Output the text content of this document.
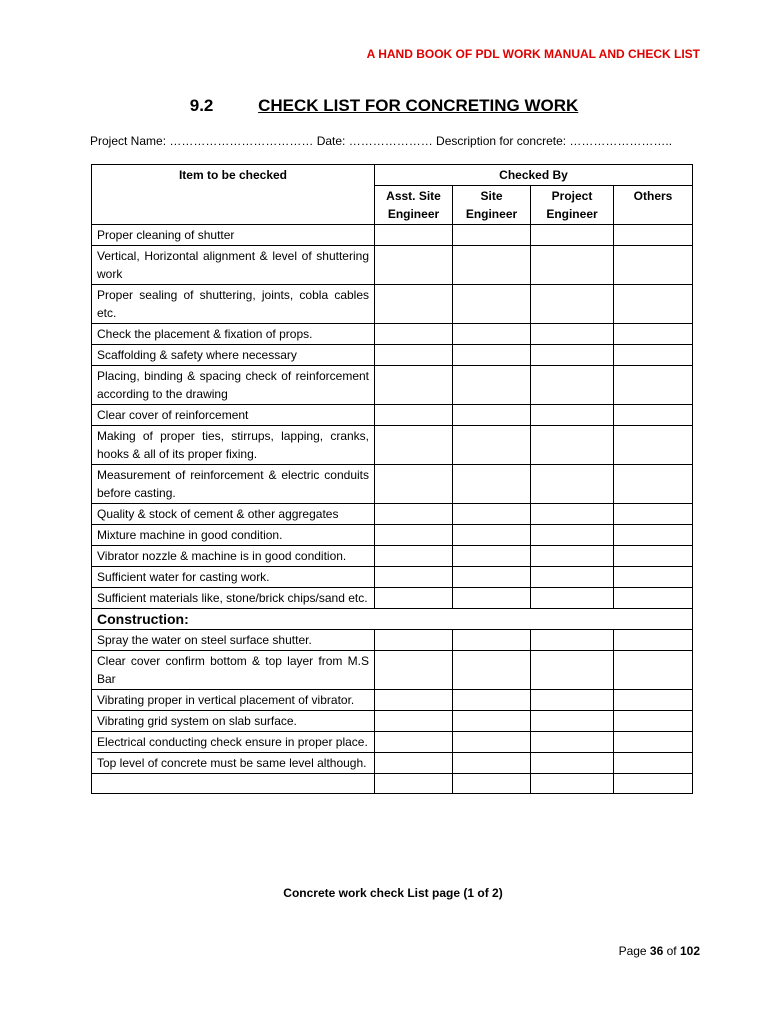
A HAND BOOK OF PDL WORK MANUAL AND CHECK LIST
9.2	CHECK LIST FOR CONCRETING WORK
Project Name: ……………………………… Date: ………………… Description for concrete: ……………………..
Item to be checked	Checked By			
	Asst. Site Engineer	Site Engineer	Project Engineer	Others
Proper cleaning of shutter				
Vertical, Horizontal alignment & level of shuttering work				
Proper sealing of shuttering, joints, cobla cables etc.				
Check the placement & fixation of props.				
Scaffolding & safety where necessary				
Placing, binding & spacing check of reinforcement according to the drawing				
Clear cover of reinforcement				
Making of proper ties, stirrups, lapping, cranks, hooks & all of its proper fixing.				
Measurement of reinforcement & electric conduits before casting.				
Quality & stock of cement & other aggregates				
Mixture machine in good condition.				
Vibrator nozzle & machine is in good condition.				
Sufficient water for casting work.				
Sufficient materials like, stone/brick chips/sand etc.				
Construction:				
Spray the water on steel surface shutter.				
Clear cover confirm bottom & top layer from M.S Bar				
Vibrating proper in vertical placement of vibrator.				
Vibrating grid system on slab surface.				
Electrical conducting check ensure in proper place.				
Top level of concrete must be same level although.				

Concrete work check List page (1 of 2)
Page 36 of 102
